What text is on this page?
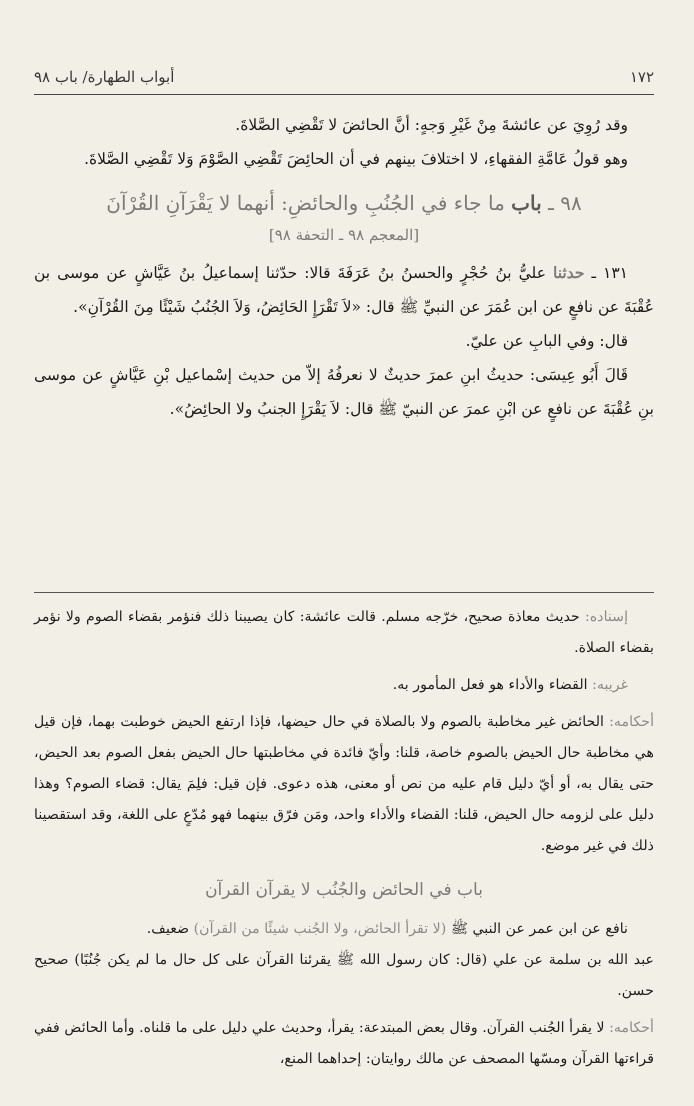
١٧٢
أبواب الطهارة/ باب ٩٨

وقد رُوِيَ عن عائشةَ مِنْ غَيْرِ وَجهٍ: أنَّ الحائضَ لا تَقْضِي الصَّلاةَ.

وهو قولُ عَامَّةِ الفقهاءِ، لا اختلافَ بينهم في أن الحائِضَ تَقْضِي الصَّوْمَ وَلا تَقْضِي الصَّلاةَ.

٩٨ ـ باب ما جاء في الجُنُبِ والحائضِ: أنهما لا يَقْرَآنِ القُرْآنَ
[المعجم ٩٨ ـ التحفة ٩٨]

١٣١ ـ حدثنا عليُّ بنُ حُجْرٍ والحسنُ بنُ عَرَفَةَ قالا: حدّثنا إسماعيلُ بنُ عَيَّاشٍ عن موسى بن عُقْبَةَ عن نافعٍ عن ابن عُمَرَ عن النبيِّ ﷺ قال: «لاَ تَقْرَإِ الحَائِضُ، وَلاَ الجُنُبُ شَيْئًا مِنَ القُرْآنِ».

قال: وفي البابِ عن عليّ.

قَالَ أَبُو عِيسَى: حديثُ ابنِ عمرَ حديثٌ لا نعرفُهُ إلاّ من حديث إسْماعيل بْنِ عَيَّاشٍ عن موسى بنِ عُقْبَةَ عن نافعٍ عن ابْنِ عمرَ عن النبيّ ﷺ قال: لاَ يَقْرَإِ الجنبُ ولا الحائِضُ».

إسناده: حديث معاذة صحيح، خرّجه مسلم. قالت عائشة: كان يصيبنا ذلك فنؤمر بقضاء الصوم ولا نؤمر بقضاء الصلاة.

غريبه: القضاء والأداء هو فعل المأمور به.

أحكامه: الحائض غير مخاطبة بالصوم ولا بالصلاة في حال حيضها، فإذا ارتفع الحيض خوطبت بهما، فإن قيل هي مخاطبة حال الحيض بالصوم خاصة، قلنا: وأيّ فائدة في مخاطبتها حال الحيض بفعل الصوم بعد الحيض، حتى يقال به، أو أيّ دليل قام عليه من نص أو معنى، هذه دعوى. فإن قيل: فلِمَ يقال: قضاء الصوم؟ وهذا دليل على لزومه حال الحيض، قلنا: القضاء والأداء واحد، ومَن فرّق بينهما فهو مُدّعٍ على اللغة، وقد استقصينا ذلك في غير موضع.

باب في الحائض والجُنُب لا يقرآن القرآن

نافع عن ابن عمر عن النبي ﷺ (لا تقرأ الحائض، ولا الجُنب شيئًا من القرآن) ضعيف.

عبد الله بن سلمة عن علي (قال: كان رسول الله ﷺ يقرئنا القرآن على كل حال ما لم يكن جُنُبًا) صحيح حسن.

أحكامه: لا يقرأ الجُنب القرآن. وقال بعض المبتدعة: يقرأ، وحديث علي دليل على ما قلناه. وأما الحائض ففي قراءتها القرآن ومسّها المصحف عن مالك روايتان: إحداهما المنع،
